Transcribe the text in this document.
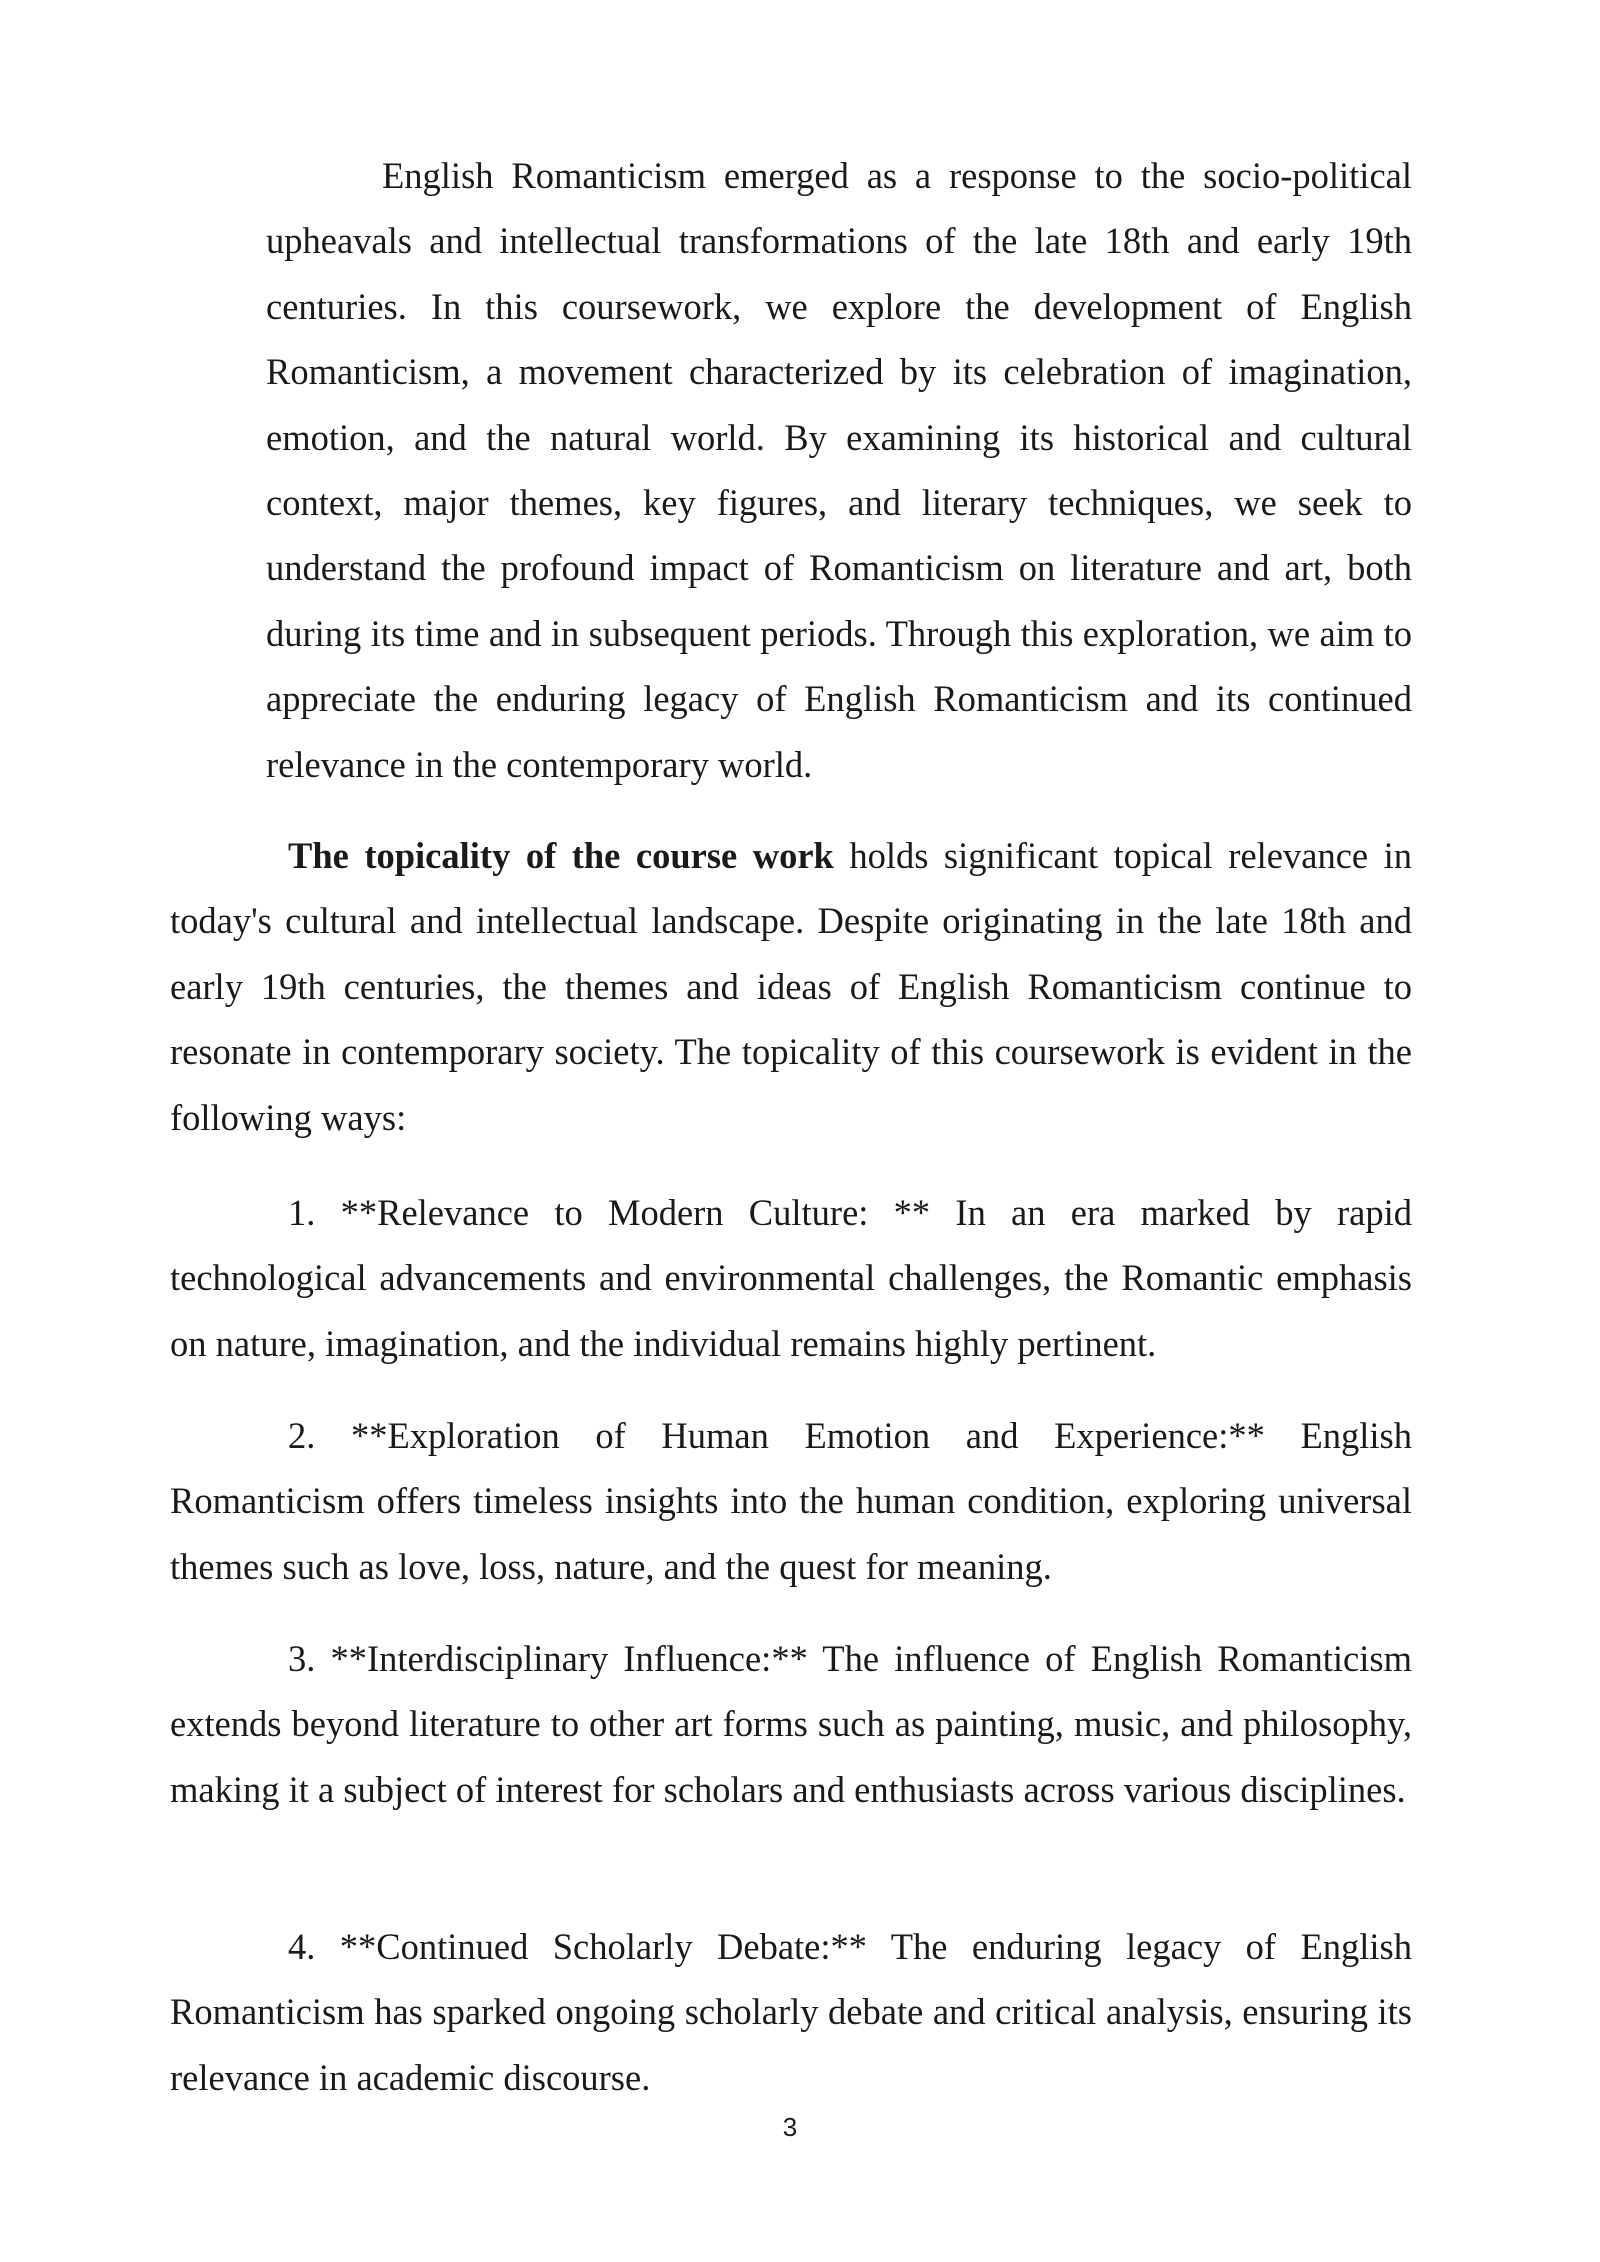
English Romanticism emerged as a response to the socio-political upheavals and intellectual transformations of the late 18th and early 19th centuries. In this coursework, we explore the development of English Romanticism, a movement characterized by its celebration of imagination, emotion, and the natural world. By examining its historical and cultural context, major themes, key figures, and literary techniques, we seek to understand the profound impact of Romanticism on literature and art, both during its time and in subsequent periods. Through this exploration, we aim to appreciate the enduring legacy of English Romanticism and its continued relevance in the contemporary world.

The topicality of the course work holds significant topical relevance in today's cultural and intellectual landscape. Despite originating in the late 18th and early 19th centuries, the themes and ideas of English Romanticism continue to resonate in contemporary society. The topicality of this coursework is evident in the following ways:

1. **Relevance to Modern Culture: ** In an era marked by rapid technological advancements and environmental challenges, the Romantic emphasis on nature, imagination, and the individual remains highly pertinent.

2. **Exploration of Human Emotion and Experience:** English Romanticism offers timeless insights into the human condition, exploring universal themes such as love, loss, nature, and the quest for meaning.

3. **Interdisciplinary Influence:** The influence of English Romanticism extends beyond literature to other art forms such as painting, music, and philosophy, making it a subject of interest for scholars and enthusiasts across various disciplines.

4. **Continued Scholarly Debate:** The enduring legacy of English Romanticism has sparked ongoing scholarly debate and critical analysis, ensuring its relevance in academic discourse.

3
